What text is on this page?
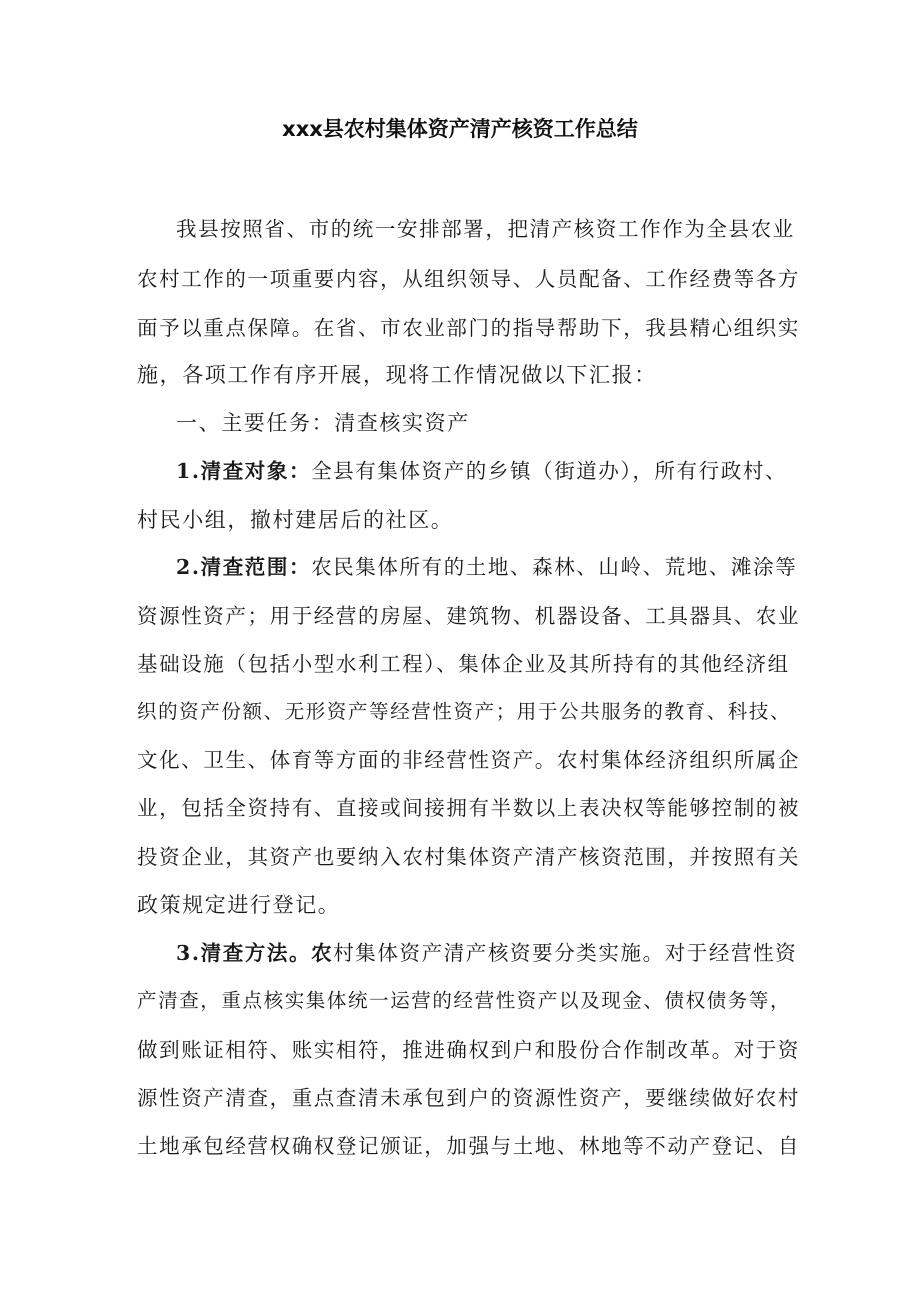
xxx县农村集体资产清产核资工作总结
我县按照省、市的统一安排部署，把清产核资工作作为全县农业
农村工作的一项重要内容，从组织领导、人员配备、工作经费等各方
面予以重点保障。在省、市农业部门的指导帮助下，我县精心组织实
施，各项工作有序开展，现将工作情况做以下汇报：
一、主要任务：清查核实资产
1.清查对象：全县有集体资产的乡镇（街道办），所有行政村、
村民小组，撤村建居后的社区。
2.清查范围：农民集体所有的土地、森林、山岭、荒地、滩涂等
资源性资产；用于经营的房屋、建筑物、机器设备、工具器具、农业
基础设施（包括小型水利工程）、集体企业及其所持有的其他经济组
织的资产份额、无形资产等经营性资产；用于公共服务的教育、科技、
文化、卫生、体育等方面的非经营性资产。农村集体经济组织所属企
业，包括全资持有、直接或间接拥有半数以上表决权等能够控制的被
投资企业，其资产也要纳入农村集体资产清产核资范围，并按照有关
政策规定进行登记。
3.清查方法。农村集体资产清产核资要分类实施。对于经营性资
产清查，重点核实集体统一运营的经营性资产以及现金、债权债务等，
做到账证相符、账实相符，推进确权到户和股份合作制改革。对于资
源性资产清查，重点查清未承包到户的资源性资产，要继续做好农村
土地承包经营权确权登记颁证，加强与土地、林地等不动产登记、自
